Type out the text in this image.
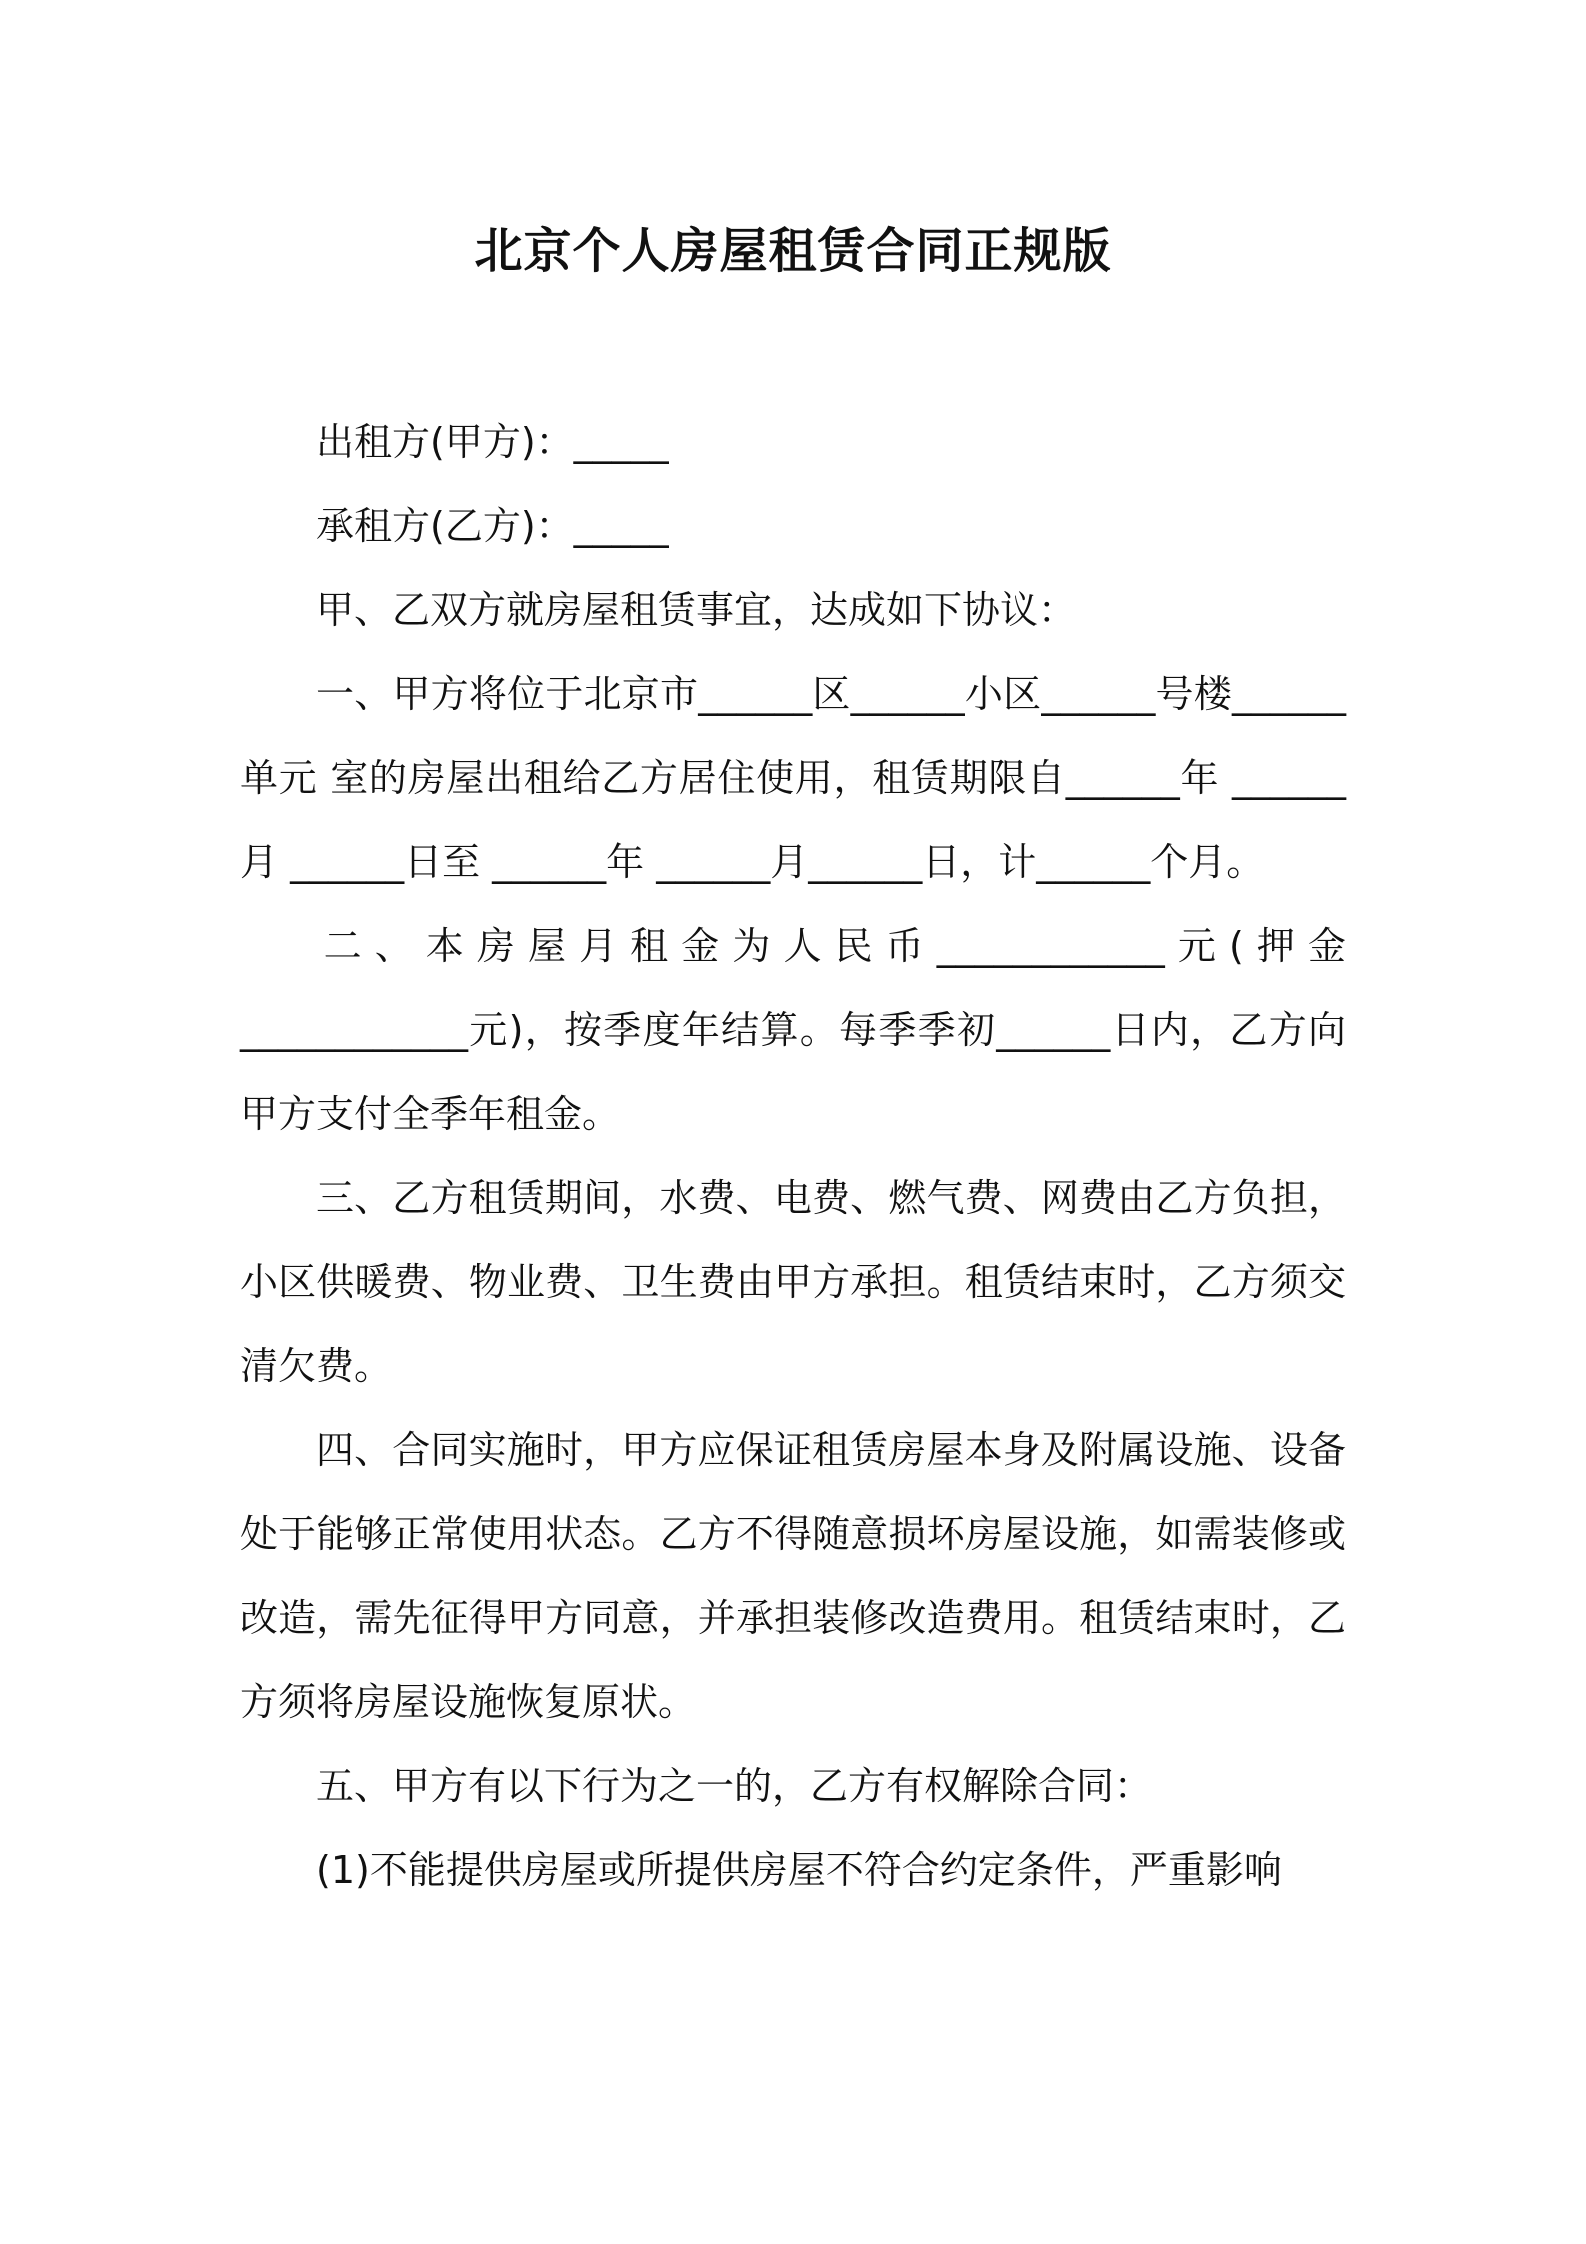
北京个人房屋租赁合同正规版

出租方(甲方)：_____

承租方(乙方)：_____

甲、乙双方就房屋租赁事宜，达成如下协议：

一、甲方将位于北京市______区______小区______号楼______单元 室的房屋出租给乙方居住使用，租赁期限自______年 ______月 ______日至 ______年 ______月______日，计______个月。

二、本房屋月租金为人民币____________元(押金____________元)，按季度年结算。每季季初______日内，乙方向甲方支付全季年租金。

三、乙方租赁期间，水费、电费、燃气费、网费由乙方负担，小区供暖费、物业费、卫生费由甲方承担。租赁结束时，乙方须交清欠费。

四、合同实施时，甲方应保证租赁房屋本身及附属设施、设备处于能够正常使用状态。乙方不得随意损坏房屋设施，如需装修或改造，需先征得甲方同意，并承担装修改造费用。租赁结束时，乙方须将房屋设施恢复原状。

五、甲方有以下行为之一的，乙方有权解除合同：

(1)不能提供房屋或所提供房屋不符合约定条件，严重影响
